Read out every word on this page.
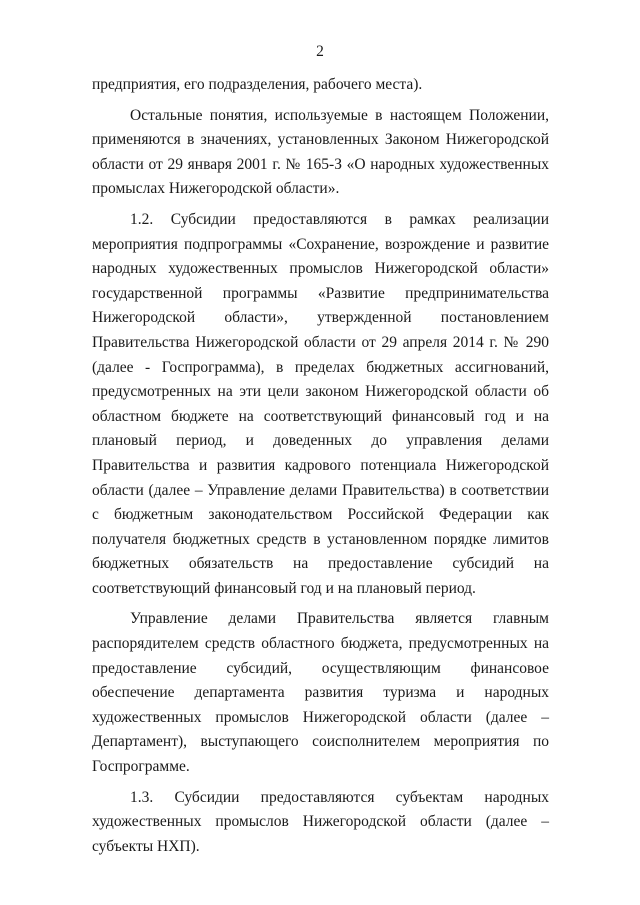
2

предприятия, его подразделения, рабочего места).

Остальные понятия, используемые в настоящем Положении, применяются в значениях, установленных Законом Нижегородской области от 29 января 2001 г. № 165-З «О народных художественных промыслах Нижегородской области».

1.2. Субсидии предоставляются в рамках реализации мероприятия подпрограммы «Сохранение, возрождение и развитие народных художественных промыслов Нижегородской области» государственной программы «Развитие предпринимательства Нижегородской области», утвержденной постановлением Правительства Нижегородской области от 29 апреля 2014 г. № 290 (далее - Госпрограмма), в пределах бюджетных ассигнований, предусмотренных на эти цели законом Нижегородской области об областном бюджете на соответствующий финансовый год и на плановый период, и доведенных до управления делами Правительства и развития кадрового потенциала Нижегородской области (далее – Управление делами Правительства) в соответствии с бюджетным законодательством Российской Федерации как получателя бюджетных средств в установленном порядке лимитов бюджетных обязательств на предоставление субсидий на соответствующий финансовый год и на плановый период.

Управление делами Правительства является главным распорядителем средств областного бюджета, предусмотренных на предоставление субсидий, осуществляющим финансовое обеспечение департамента развития туризма и народных художественных промыслов Нижегородской области (далее – Департамент), выступающего соисполнителем мероприятия по Госпрограмме.

1.3. Субсидии предоставляются субъектам народных художественных промыслов Нижегородской области (далее – субъекты НХП).
